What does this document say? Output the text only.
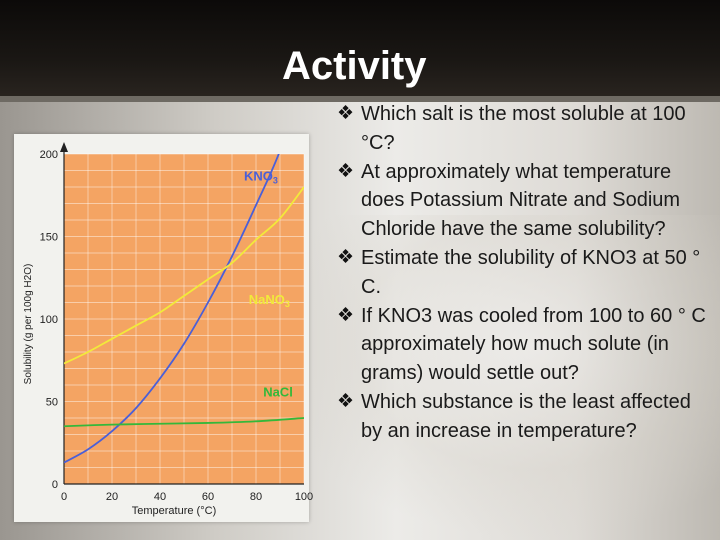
Activity
$KNO_3$
NaNO$_3$
NaCl
0	20	40	60	80	100
0
50
100
150
200
Temperature (°C)
Solubility (g per 100g H2O)
❖ Which salt is the most soluble at 100 °C?
❖ At approximately what temperature does Potassium Nitrate and Sodium Chloride have the same solubility?
❖ Estimate the solubility of KNO3 at 50 ° C.
❖ If KNO3 was cooled from 100 to 60 ° C approximately how much solute (in grams) would settle out?
❖ Which substance is the least affected by an increase in temperature?
